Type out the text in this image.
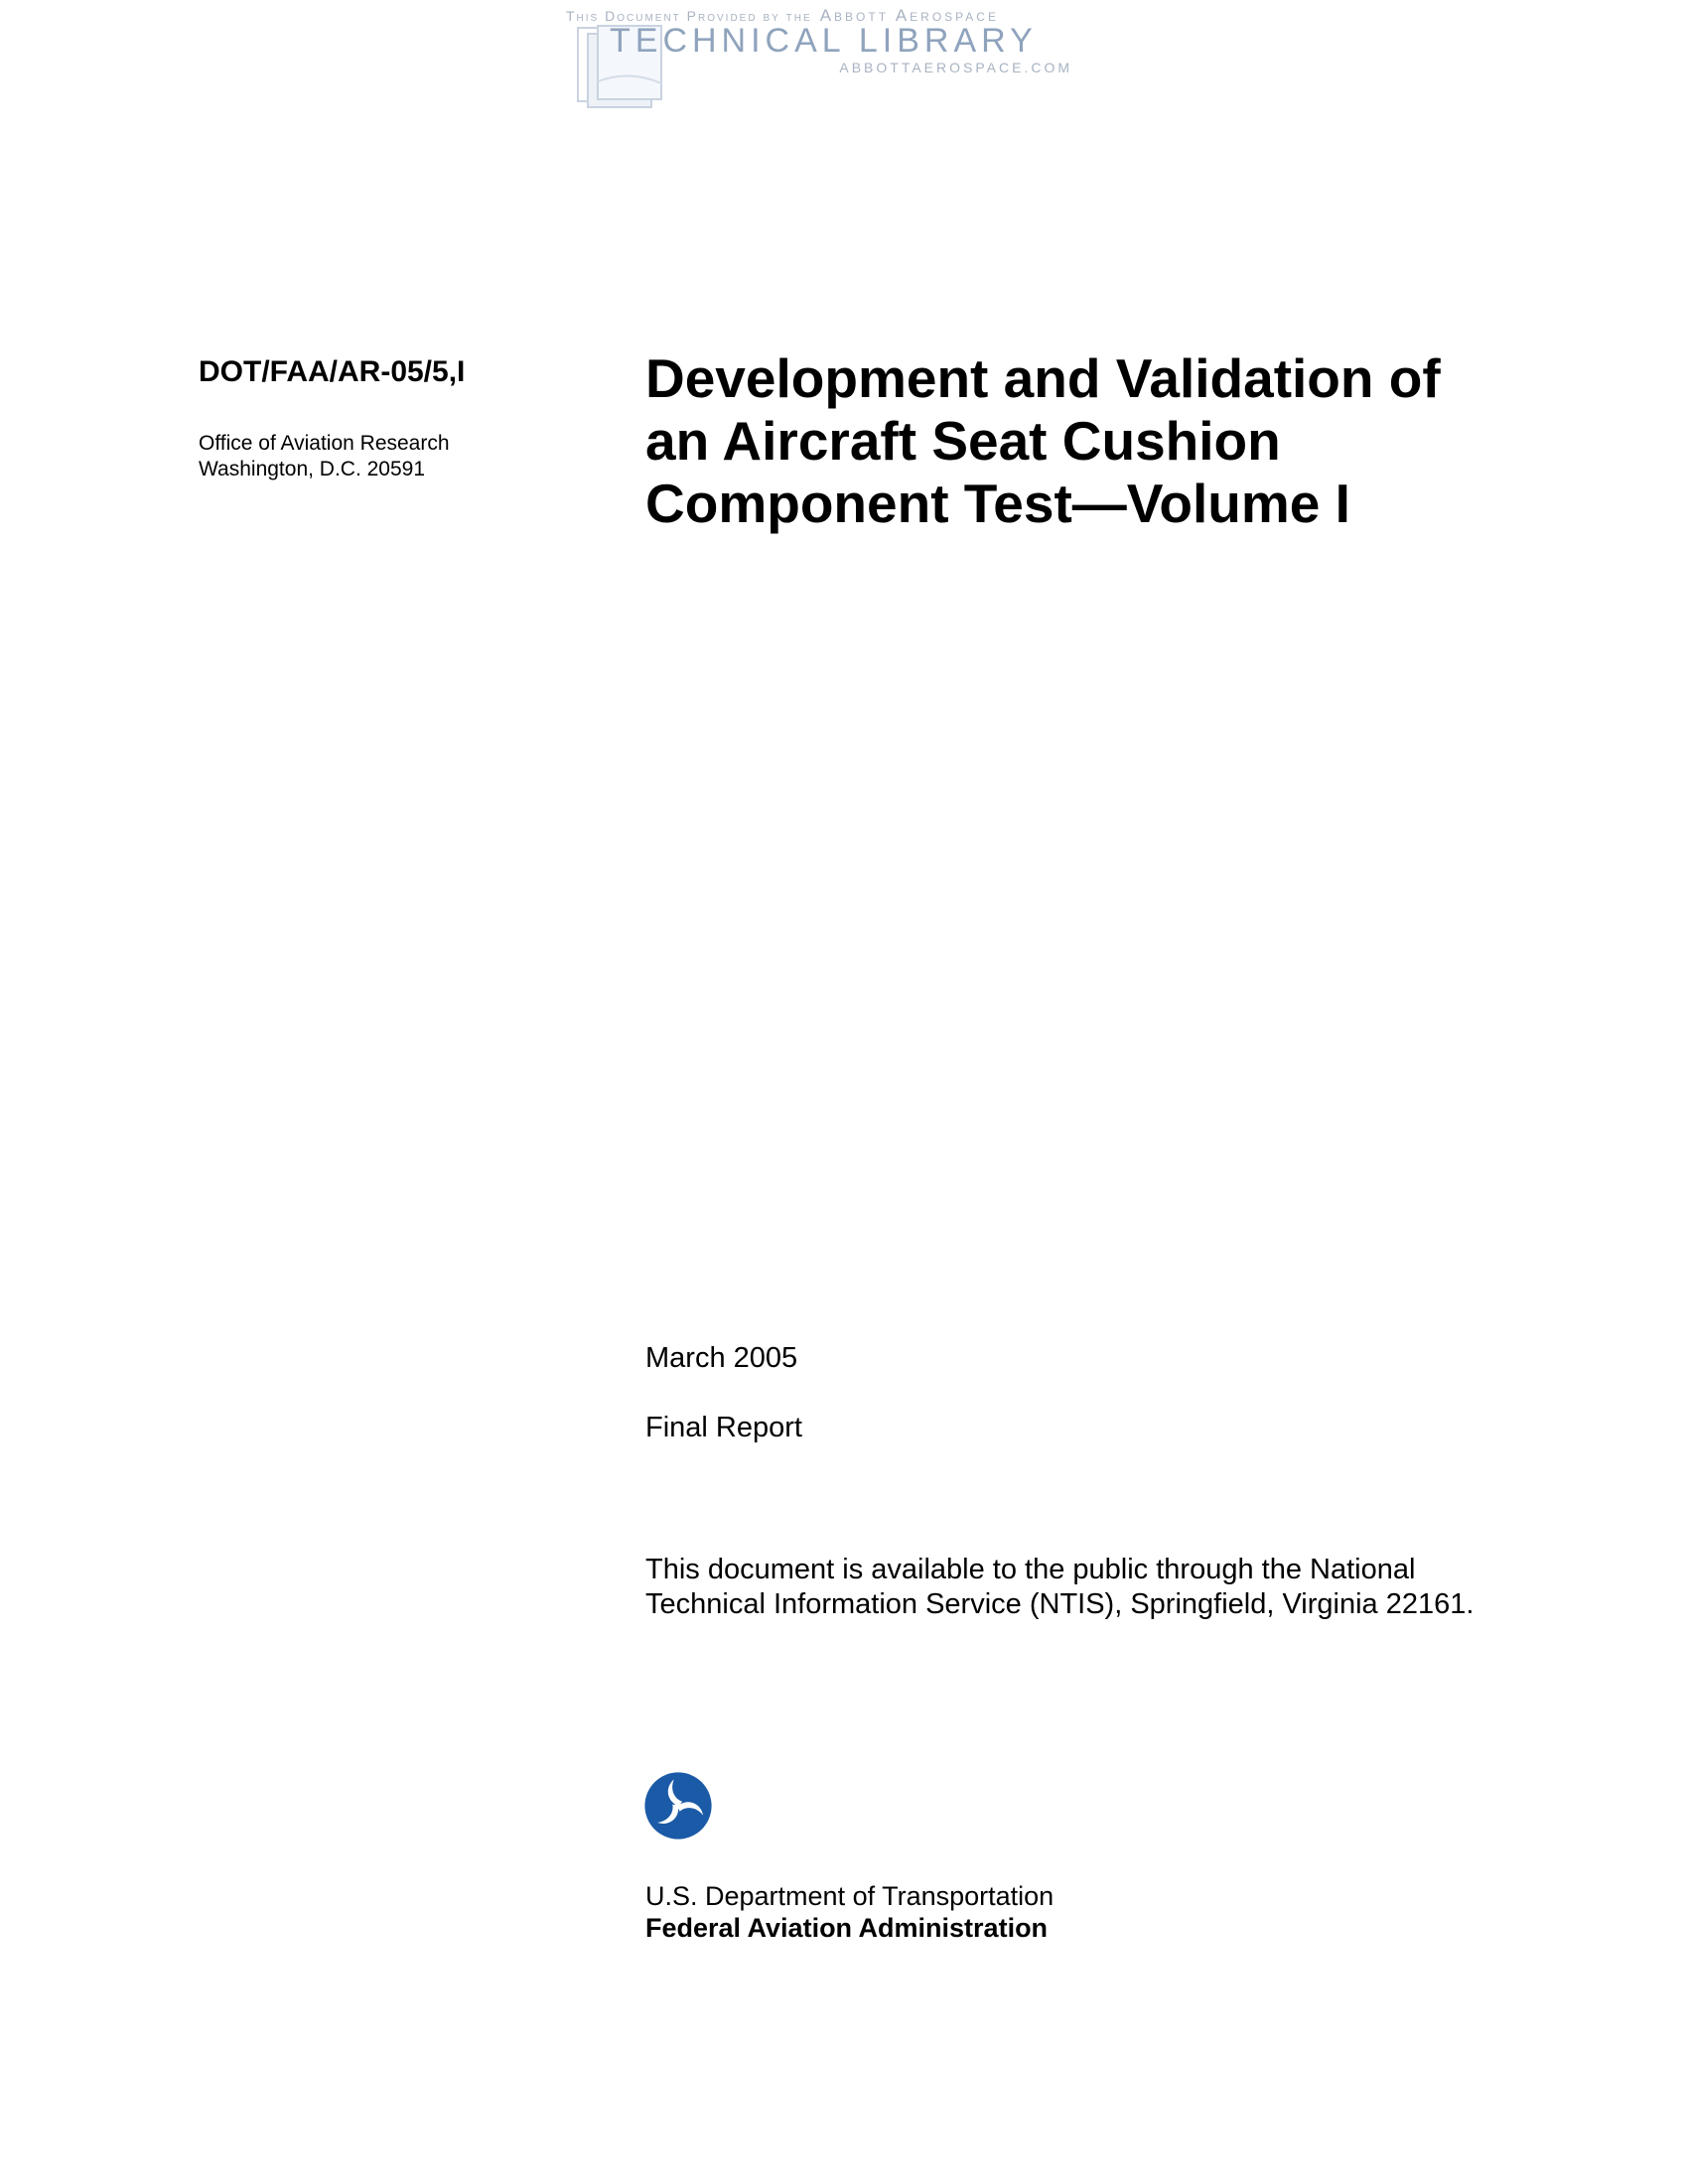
This Document Provided by the Abbott Aerospace
TECHNICAL LIBRARY
ABBOTTAEROSPACE.COM
DOT/FAA/AR-05/5,I
Office of Aviation Research
Washington, D.C. 20591
Development and Validation of
an Aircraft Seat Cushion
Component Test—Volume I
March 2005
Final Report
This document is available to the public through the National
Technical Information Service (NTIS), Springfield, Virginia 22161.
U.S. Department of Transportation
Federal Aviation Administration
